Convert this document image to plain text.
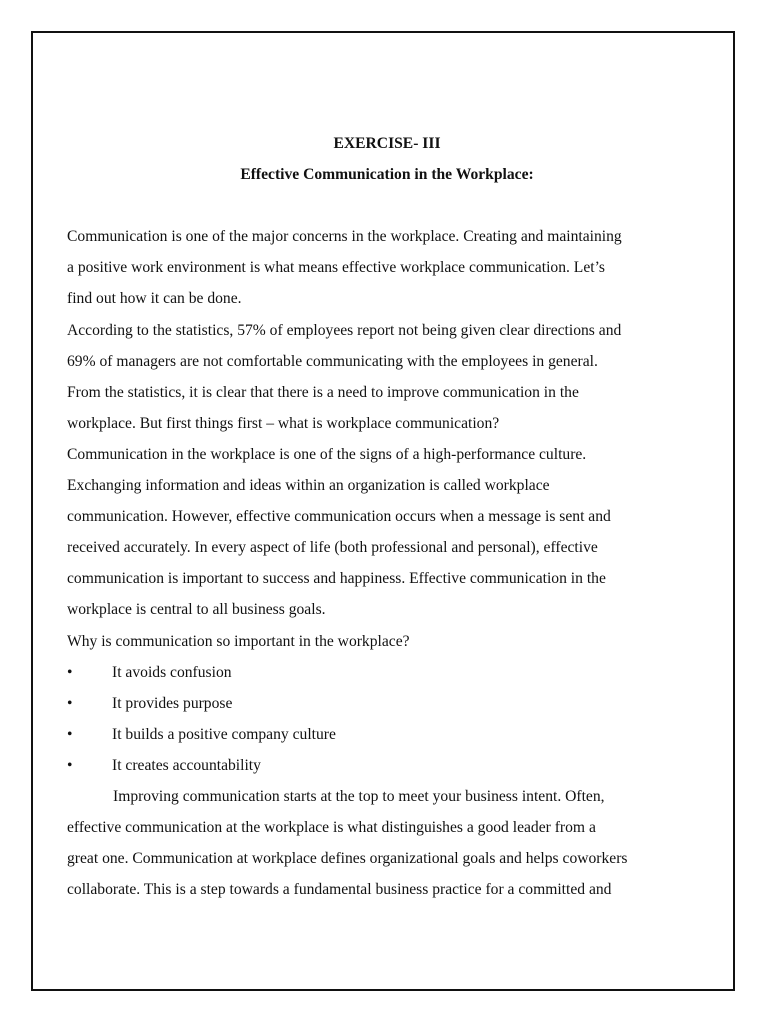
EXERCISE- III

Effective Communication in the Workplace:

Communication is one of the major concerns in the workplace. Creating and maintaining

a positive work environment is what means effective workplace communication. Let’s

find out how it can be done.

According to the statistics, 57% of employees report not being given clear directions and

69% of managers are not comfortable communicating with the employees in general.

From the statistics, it is clear that there is a need to improve communication in the

workplace. But first things first – what is workplace communication?

Communication in the workplace is one of the signs of a high-performance culture.

Exchanging information and ideas within an organization is called workplace

communication. However, effective communication occurs when a message is sent and

received accurately. In every aspect of life (both professional and personal), effective

communication is important to success and happiness. Effective communication in the

workplace is central to all business goals.

Why is communication so important in the workplace?

•	It avoids confusion

•	It provides purpose

•	It builds a positive company culture

•	It creates accountability

Improving communication starts at the top to meet your business intent. Often,

effective communication at the workplace is what distinguishes a good leader from a

great one. Communication at workplace defines organizational goals and helps coworkers

collaborate. This is a step towards a fundamental business practice for a committed and
